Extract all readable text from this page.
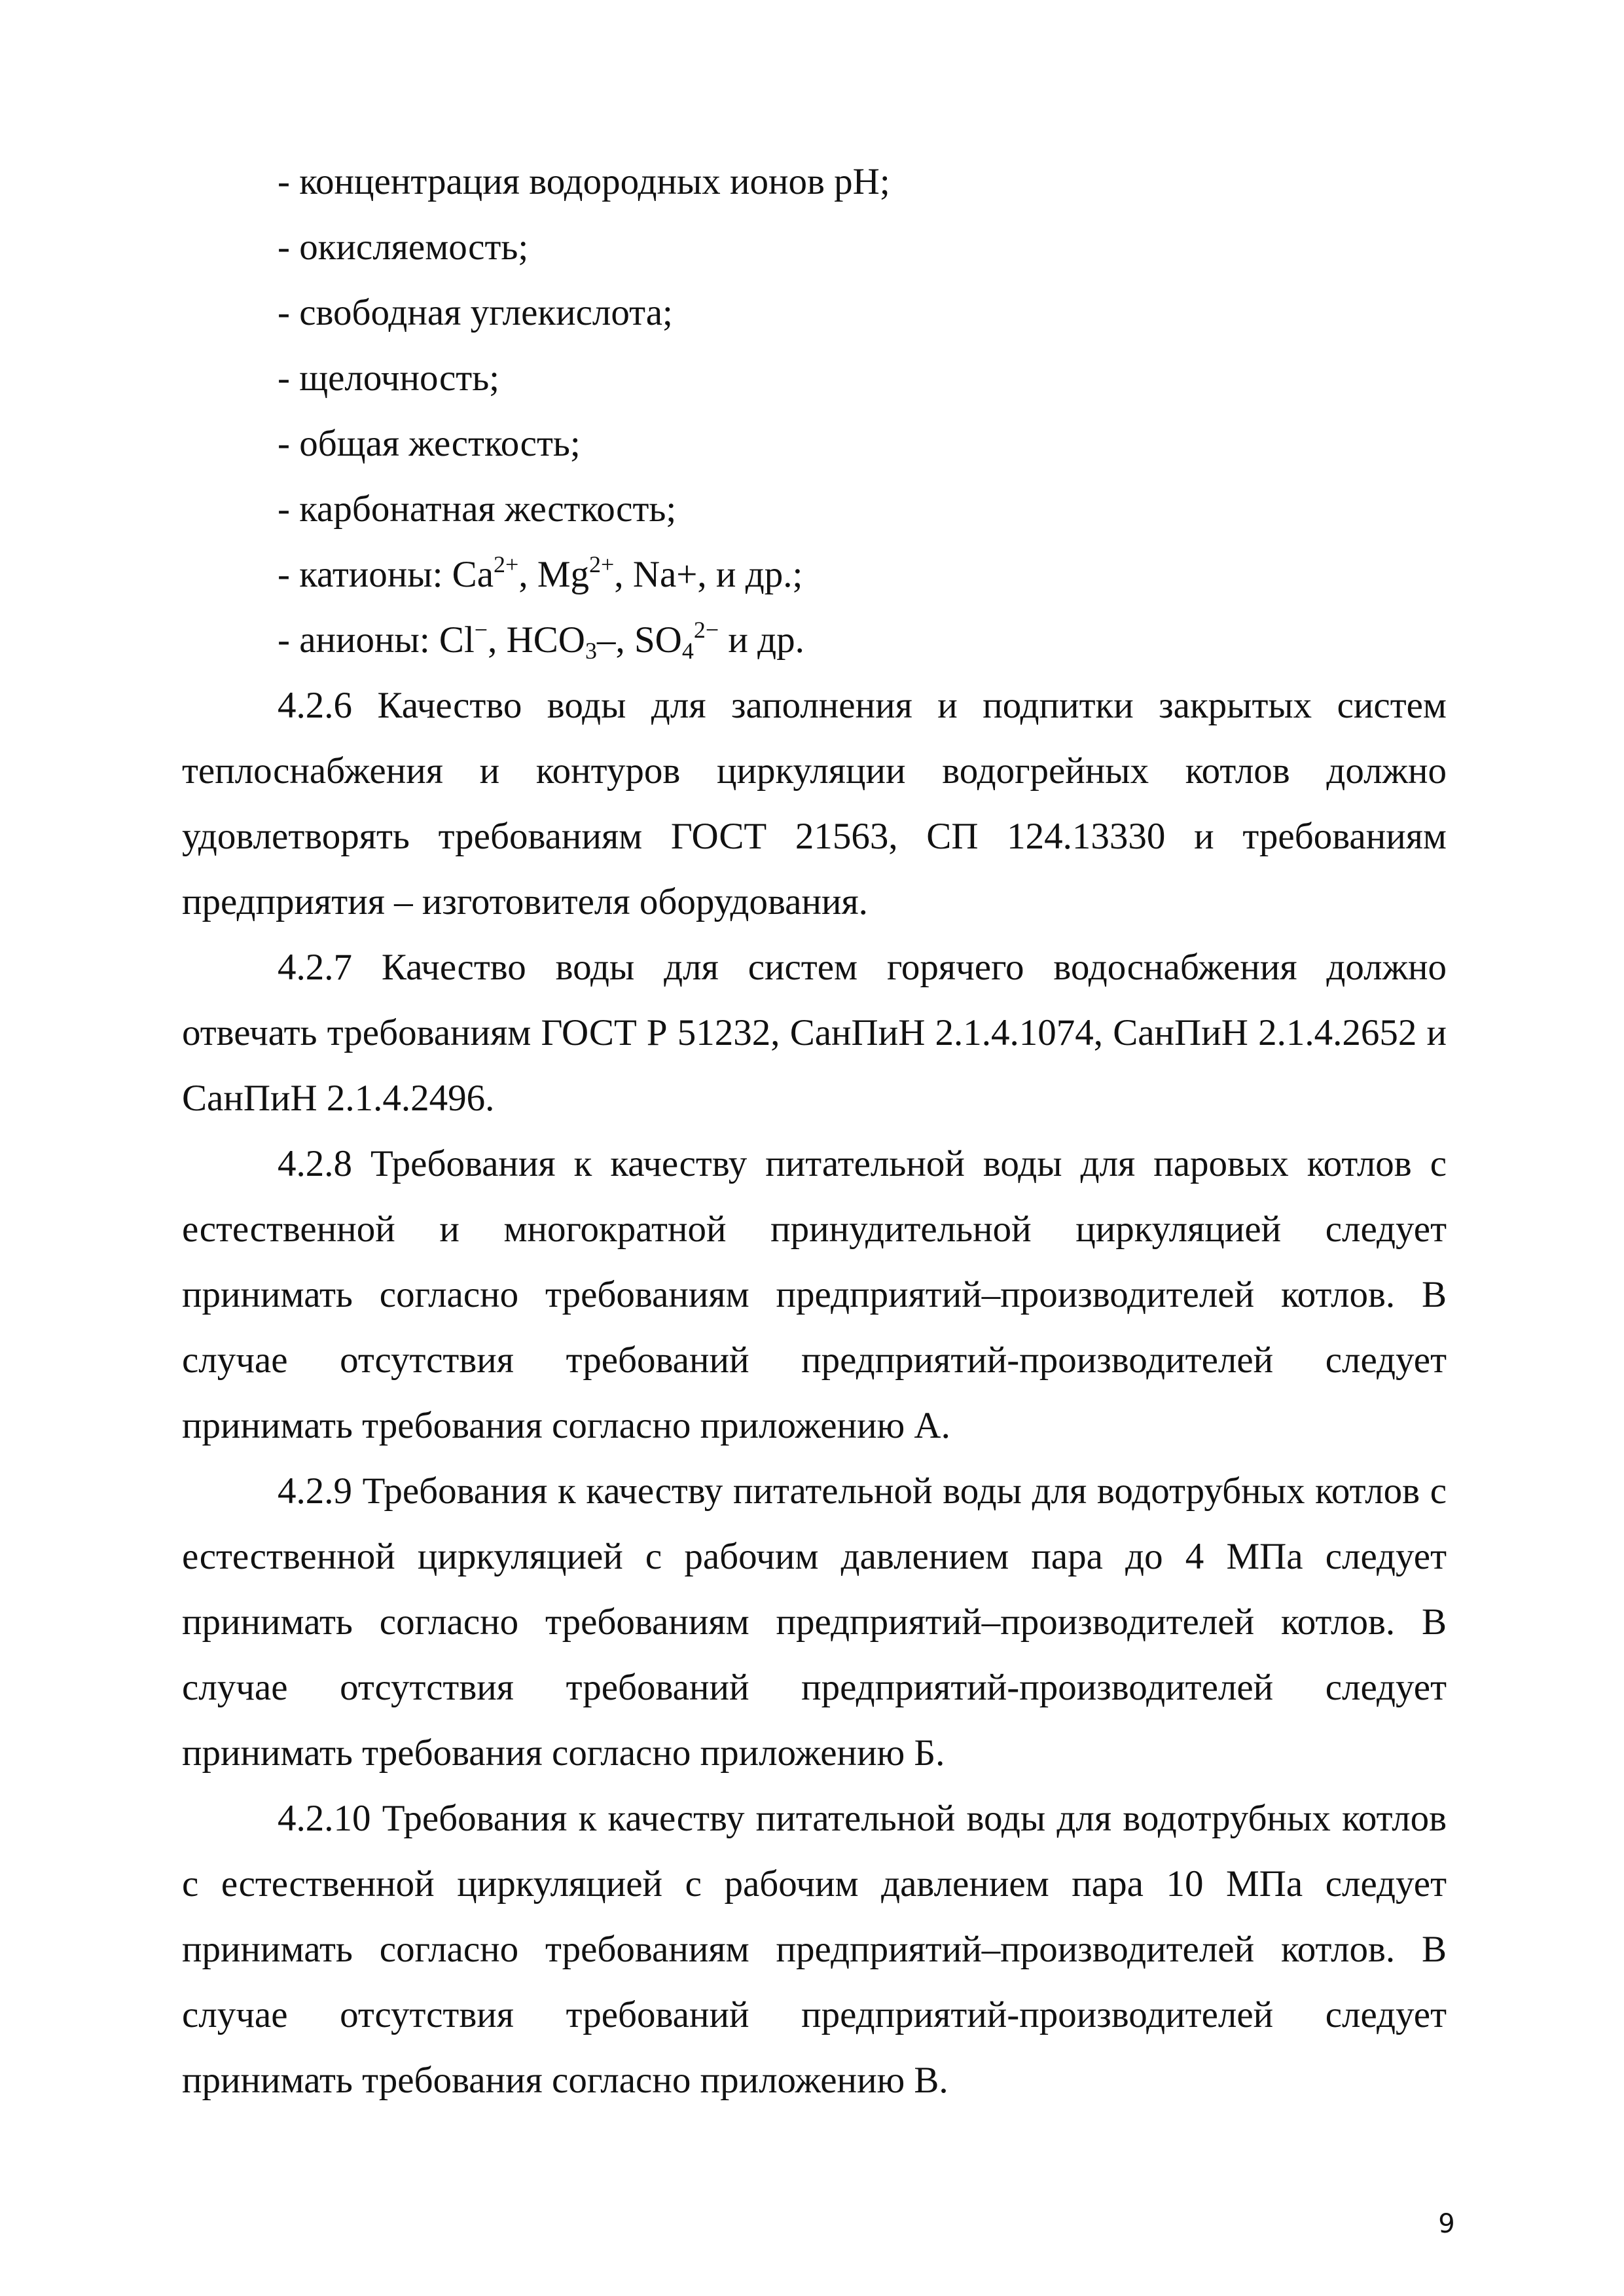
- концентрация водородных ионов рН;

- окисляемость;

- свободная углекислота;

- щелочность;

- общая жесткость;

- карбонатная жесткость;

- катионы: $Ca^{2+}$, $Mg^{2+}$, Na+, и др.;

- анионы: Cl−, $HCO_3-$, $SO_4^{2-}$ и др.

4.2.6 Качество воды для заполнения и подпитки закрытых систем теплоснабжения и контуров циркуляции водогрейных котлов должно удовлетворять требованиям ГОСТ 21563, СП 124.13330 и требованиям предприятия – изготовителя оборудования.

4.2.7 Качество воды для систем горячего водоснабжения должно отвечать требованиям ГОСТ Р 51232, СанПиН 2.1.4.1074, СанПиН 2.1.4.2652 и СанПиН 2.1.4.2496.

4.2.8 Требования к качеству питательной воды для паровых котлов с естественной и многократной принудительной циркуляцией следует принимать согласно требованиям предприятий–производителей котлов. В случае отсутствия требований предприятий-производителей следует принимать требования согласно приложению А.

4.2.9 Требования к качеству питательной воды для водотрубных котлов с естественной циркуляцией с рабочим давлением пара до 4 МПа следует принимать согласно требованиям предприятий–производителей котлов. В случае отсутствия требований предприятий-производителей следует принимать требования согласно приложению Б.

4.2.10 Требования к качеству питательной воды для водотрубных котлов с естественной циркуляцией с рабочим давлением пара 10 МПа следует принимать согласно требованиям предприятий–производителей котлов. В случае отсутствия требований предприятий-производителей следует принимать требования согласно приложению В.

9
